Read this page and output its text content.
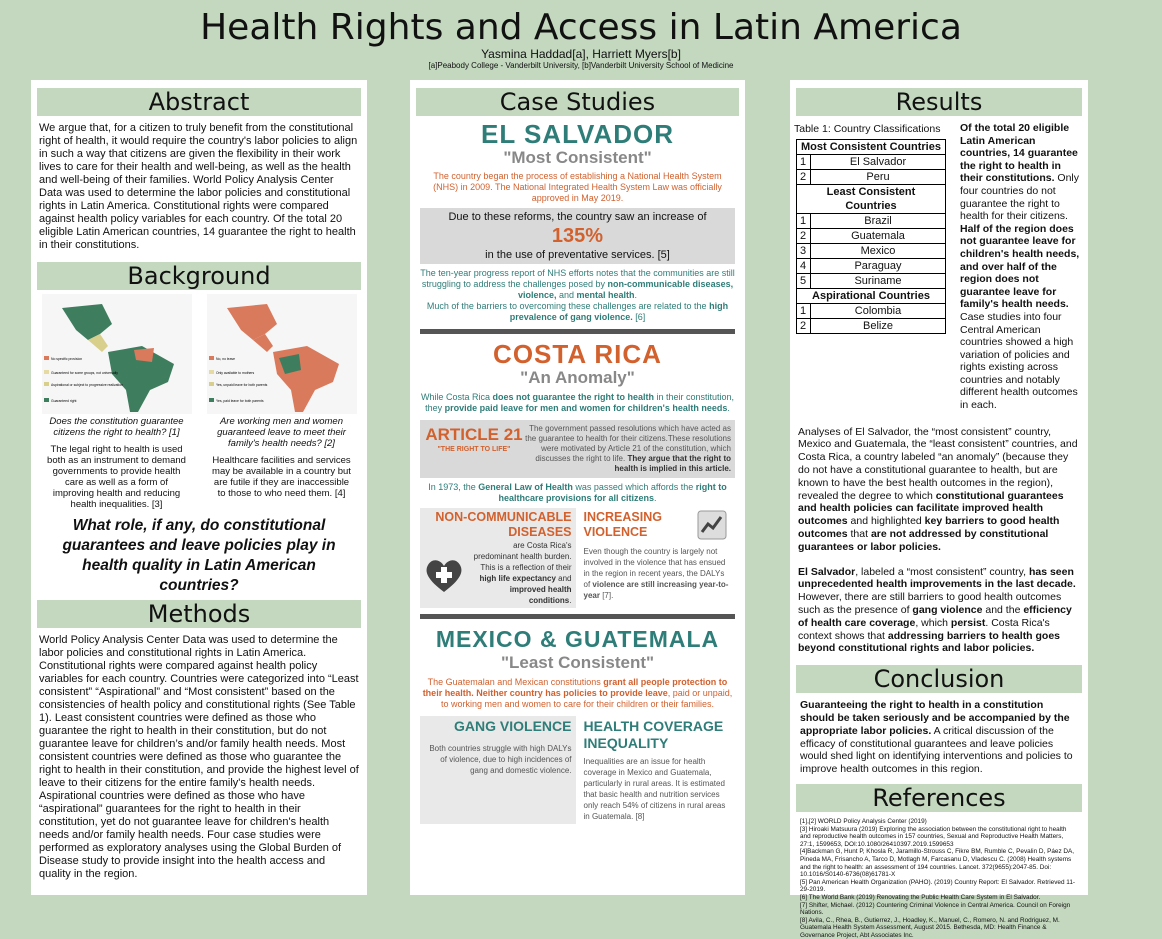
Health Rights and Access in Latin America
Yasmina Haddad[a], Harriett Myers[b]
[a]Peabody College - Vanderbilt University, [b]Vanderbilt University School of Medicine
Abstract
We argue that, for a citizen to truly benefit from the constitutional right of health, it would require the country's labor policies to align in such a way that citizens are given the flexibility in their work lives to care for their health and well-being, as well as the health and well-being of their families. World Policy Analysis Center Data was used to determine the labor policies and constitutional rights in Latin America. Constitutional rights were compared against health policy variables for each country. Of the total 20 eligible Latin American countries, 14 guarantee the right to health in their constitutions.
Background
No specific provision
Guaranteed for some groups, not universally
Aspirational or subject to progressive realization
Guaranteed right
Does the constitution guarantee citizens the right to health? [1]
The legal right to health is used both as an instrument to demand governments to provide health care as well as a form of improving health and reducing health inequalities. [3]
No, no leave
Only available to mothers
Yes, unpaid leave for both parents
Yes, paid leave for both parents
Are working men and women guaranteed leave to meet their family's health needs? [2]
Healthcare facilities and services may be available in a country but are futile if they are inaccessible to those to who need them. [4]
What role, if any, do constitutional guarantees and leave policies play in health quality in Latin American countries?
Methods
World Policy Analysis Center Data was used to determine the labor policies and constitutional rights in Latin America. Constitutional rights were compared against health policy variables for each country. Countries were categorized into “Least consistent” “Aspirational” and “Most consistent” based on the consistencies of health policy and constitutional rights (See Table 1). Least consistent countries were defined as those who guarantee the right to health in their constitution, but do not guarantee leave for children’s and/or family health needs. Most consistent countries were defined as those who guarantee the right to health in their constitution, and provide the highest level of leave to their citizens for the entire family's health needs. Aspirational countries were defined as those who have “aspirational” guarantees for the right to health in their constitution, yet do not guarantee leave for children's health needs and/or family health needs. Four case studies were performed as exploratory analyses using the Global Burden of Disease study to provide insight into the health access and quality in the region.
Case Studies
EL SALVADOR
"Most Consistent"
The country began the process of establishing a National Health System (NHS) in 2009. The National Integrated Health System Law was officially approved in May 2019.
Due to these reforms, the country saw an increase of
135%
in the use of preventative services. [5]
The ten-year progress report of NHS efforts notes that the communities are still struggling to address the challenges posed by non-communicable diseases, violence, and mental health.
Much of the barriers to overcoming these challenges are related to the high prevalence of gang violence. [6]
COSTA RICA
"An Anomaly"
While Costa Rica does not guarantee the right to health in their constitution, they provide paid leave for men and women for children's health needs.
ARTICLE 21
"THE RIGHT TO LIFE"
The government passed resolutions which have acted as the guarantee to health for their citizens.These resolutions were motivated by Article 21 of the constitution, which discusses the right to life. They argue that the right to health is implied in this article.
In 1973, the General Law of Health was passed which affords the right to healthcare provisions for all citizens.
NON-COMMUNICABLE DISEASES
are Costa Rica's predominant health burden. This is a reflection of their high life expectancy and improved health conditions.
INCREASING VIOLENCE
Even though the country is largely not involved in the violence that has ensued in the region in recent years, the DALYs of violence are still increasing year-to-year [7].
MEXICO & GUATEMALA
"Least Consistent"
The Guatemalan and Mexican constitutions grant all people protection to their health. Neither country has policies to provide leave, paid or unpaid, to working men and women to care for their children or their families.
GANG VIOLENCE
Both countries struggle with high DALYs of violence, due to high incidences of gang and domestic violence.
HEALTH COVERAGE INEQUALITY
Inequalities are an issue for health coverage in Mexico and Guatemala, particularly in rural areas. It is estimated that basic health and nutrition services only reach 54% of citizens in rural areas in Guatemala. [8]
Results
Table 1: Country Classifications
Most Consistent Countries	
1	El Salvador
2	Peru
Least Consistent Countries	
1	Brazil
2	Guatemala
3	Mexico
4	Paraguay
5	Suriname
Aspirational Countries	
1	Colombia
2	Belize
Of the total 20 eligible Latin American countries, 14 guarantee the right to health in their constitutions. Only four countries do not guarantee the right to health for their citizens. Half of the region does not guarantee leave for children's health needs, and over half of the region does not guarantee leave for family's health needs. Case studies into four Central American countries showed a high variation of policies and rights existing across countries and notably different health outcomes in each.
Analyses of El Salvador, the “most consistent” country, Mexico and Guatemala, the “least consistent” countries, and Costa Rica, a country labeled “an anomaly” (because they do not have a constitutional guarantee to health, but are known to have the best health outcomes in the region), revealed the degree to which constitutional guarantees and health policies can facilitate improved health outcomes and highlighted key barriers to good health outcomes that are not addressed by constitutional guarantees or labor policies.
El Salvador, labeled a “most consistent” country, has seen unprecedented health improvements in the last decade. However, there are still barriers to good health outcomes such as the presence of gang violence and the efficiency of health care coverage, which persist. Costa Rica's context shows that addressing barriers to health goes beyond constitutional rights and labor policies.
Conclusion
Guaranteeing the right to health in a constitution should be taken seriously and be accompanied by the appropriate labor policies. A critical discussion of the efficacy of constitutional guarantees and leave policies would shed light on identifying interventions and policies to improve health outcomes in this region.
References
[1],[2] WORLD Policy Analysis Center (2019)
[3] Hiroaki Matsuura (2019) Exploring the association between the constitutional right to health and reproductive health outcomes in 157 countries, Sexual and Reproductive Health Matters, 27:1, 1599653, DOI:10.1080/26410397.2019.1599653
[4]Backman G, Hunt P, Khosla R, Jaramillo-Strouss C, Fikre BM, Rumble C, Pevalin D, Páez DA, Pineda MA, Frisancho A, Tarco D, Motlagh M, Farcasanu D, Vladescu C. (2008) Health systems and the right to health: an assessment of 194 countries. Lancet. 372(9655):2047-85. Doi: 10.1016/S0140-6736(08)61781-X
[5] Pan American Health Organization (PAHO). (2019) Country Report: El Salvador. Retrieved 11-29-2019.
[6] The World Bank (2019) Renovating the Public Health Care System in El Salvador.
[7] Shifter, Michael. (2012) Countering Criminal Violence in Central America. Council on Foreign Nations.
[8] Avila, C., Rhea, B., Gutierrez, J., Hoadley, K., Manuel, C., Romero, N. and Rodriguez, M. Guatemala Health System Assessment, August 2015. Bethesda, MD: Health Finance & Governance Project, Abt Associates Inc.
